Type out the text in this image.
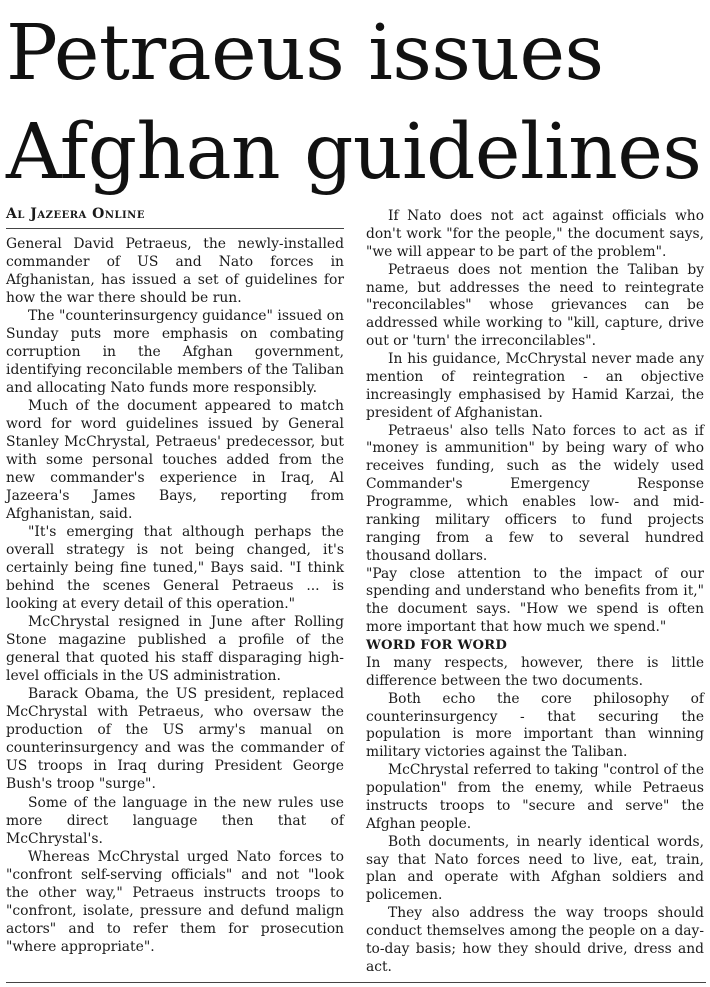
Petraeus issues Afghan guidelines
Al Jazeera Online

General David Petraeus, the newly-installed commander of US and Nato forces in Afghanistan, has issued a set of guidelines for how the war there should be run.

The "counterinsurgency guidance" issued on Sunday puts more emphasis on combating corruption in the Afghan government, identifying reconcilable members of the Taliban and allocating Nato funds more responsibly.

Much of the document appeared to match word for word guidelines issued by General Stanley McChrystal, Petraeus' predecessor, but with some personal touches added from the new commander's experience in Iraq, Al Jazeera's James Bays, reporting from Afghanistan, said.

"It's emerging that although perhaps the overall strategy is not being changed, it's certainly being fine tuned," Bays said. "I think behind the scenes General Petraeus ... is looking at every detail of this operation."

McChrystal resigned in June after Rolling Stone magazine published a profile of the general that quoted his staff disparaging high-level officials in the US administration.

Barack Obama, the US president, replaced McChrystal with Petraeus, who oversaw the production of the US army's manual on counterinsurgency and was the commander of US troops in Iraq during President George Bush's troop "surge".

Some of the language in the new rules use more direct language then that of McChrystal's.

Whereas McChrystal urged Nato forces to "confront self-serving officials" and not "look the other way," Petraeus instructs troops to "confront, isolate, pressure and defund malign actors" and to refer them for prosecution "where appropriate".

If Nato does not act against officials who don't work "for the people," the document says, "we will appear to be part of the problem".

Petraeus does not mention the Taliban by name, but addresses the need to reintegrate "reconcilables" whose grievances can be addressed while working to "kill, capture, drive out or 'turn' the irreconcilables".

In his guidance, McChrystal never made any mention of reintegration - an objective increasingly emphasised by Hamid Karzai, the president of Afghanistan.

Petraeus' also tells Nato forces to act as if "money is ammunition" by being wary of who receives funding, such as the widely used Commander's Emergency Response Programme, which enables low- and mid-ranking military officers to fund projects ranging from a few to several hundred thousand dollars.

"Pay close attention to the impact of our spending and understand who benefits from it," the document says. "How we spend is often more important that how much we spend."

WORD FOR WORD

In many respects, however, there is little difference between the two documents.

Both echo the core philosophy of counterinsurgency - that securing the population is more important than winning military victories against the Taliban.

McChrystal referred to taking "control of the population" from the enemy, while Petraeus instructs troops to "secure and serve" the Afghan people.

Both documents, in nearly identical words, say that Nato forces need to live, eat, train, plan and operate with Afghan soldiers and policemen.

They also address the way troops should conduct themselves among the people on a day-to-day basis; how they should drive, dress and act.
